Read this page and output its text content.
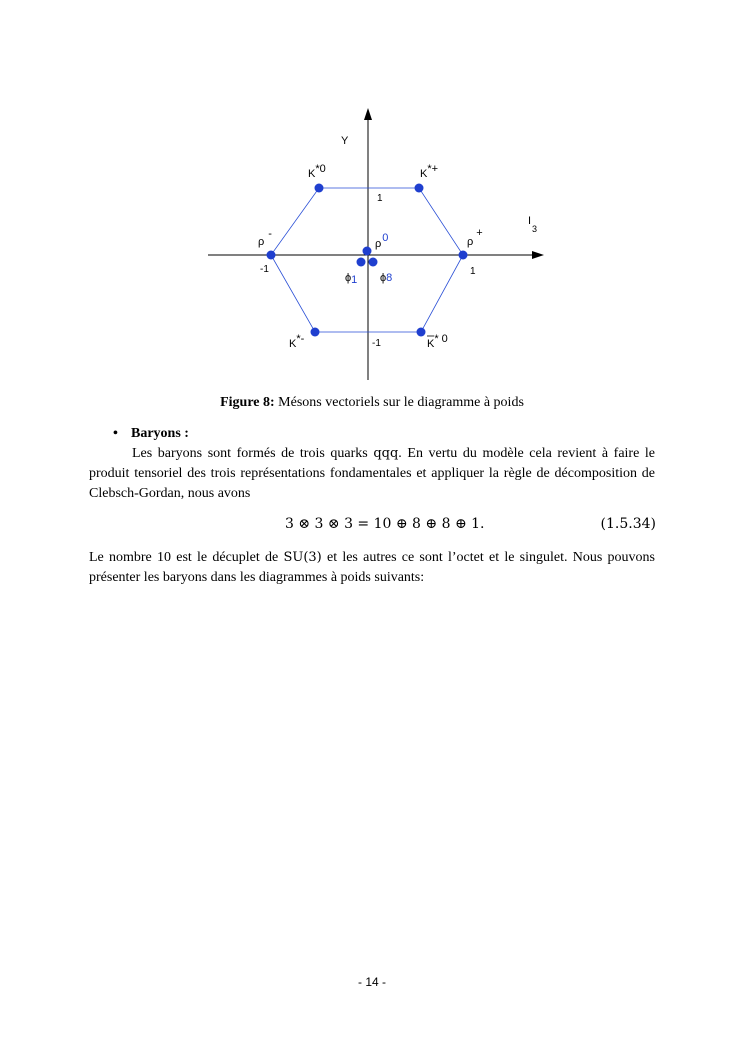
Y
I
3
1
-1
-1	1
K*0	K*+
ρ-
ρ+
ρ0
ϕ1 ϕ8
K*-	K* 0
Figure 8: Mésons vectoriels sur le diagramme à poids
• Baryons :
Les baryons sont formés de trois quarks qqq. En vertu du modèle cela revient à faire le produit tensoriel des trois représentations fondamentales et appliquer la règle de décomposition de Clebsch-Gordan, nous avons
3 ⊗ 3 ⊗ 3 = 10 ⊕ 8 ⊕ 8 ⊕ 1.	(1.5.34)
Le nombre 10 est le décuplet de SU(3) et les autres ce sont l’octet et le singulet. Nous pouvons présenter les baryons dans les diagrammes à poids suivants:
- 14 -
